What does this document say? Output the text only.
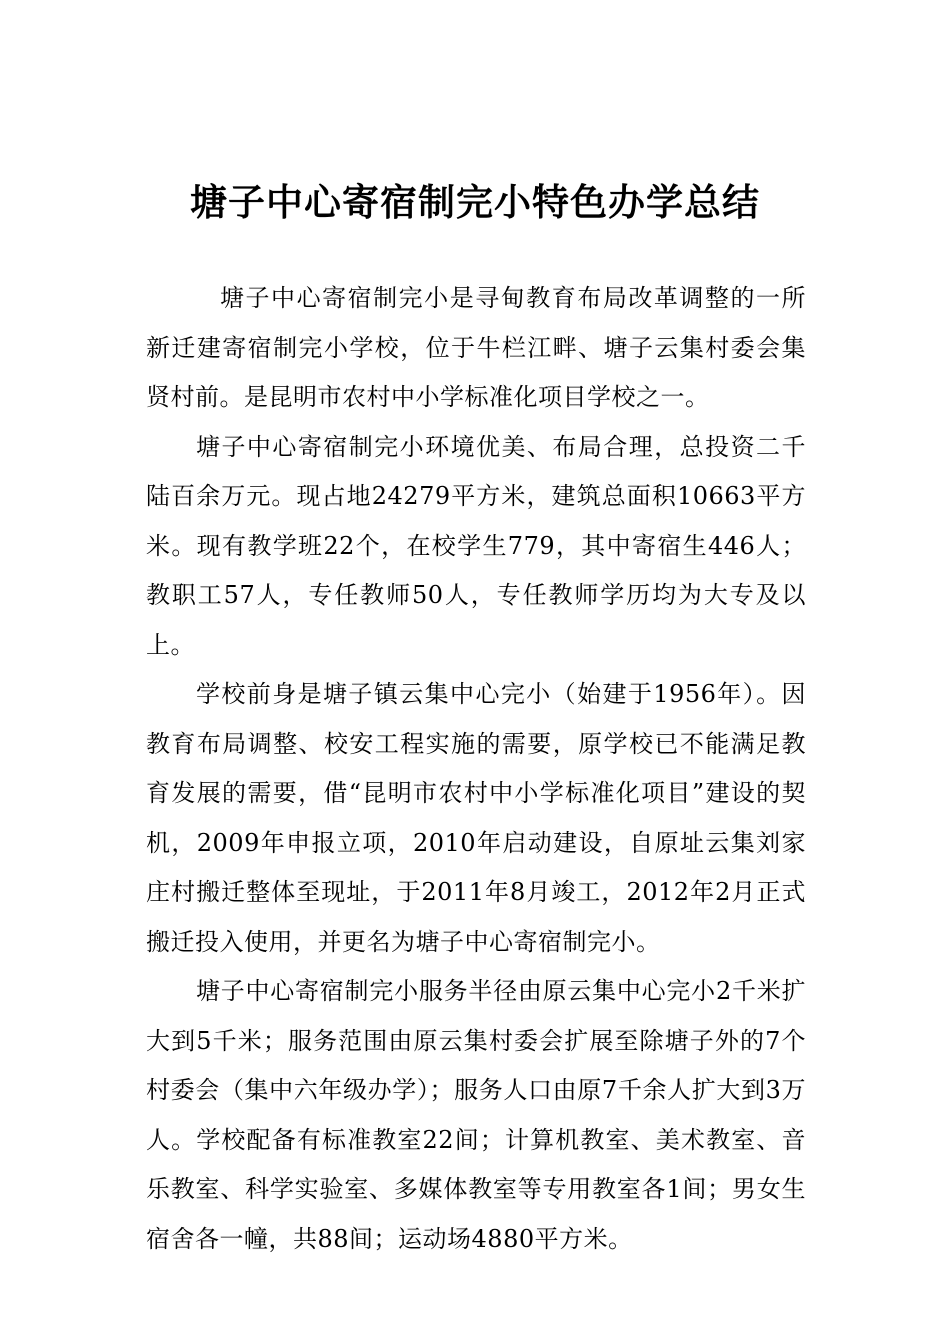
塘子中心寄宿制完小特色办学总结

塘子中心寄宿制完小是寻甸教育布局改革调整的一所新迁建寄宿制完小学校，位于牛栏江畔、塘子云集村委会集贤村前。是昆明市农村中小学标准化项目学校之一。

塘子中心寄宿制完小环境优美、布局合理，总投资二千陆百余万元。现占地24279平方米，建筑总面积10663平方米。现有教学班22个，在校学生779，其中寄宿生446人；教职工57人，专任教师50人，专任教师学历均为大专及以上。

学校前身是塘子镇云集中心完小（始建于1956年）。因教育布局调整、校安工程实施的需要，原学校已不能满足教育发展的需要，借“昆明市农村中小学标准化项目”建设的契机，2009年申报立项，2010年启动建设，自原址云集刘家庄村搬迁整体至现址，于2011年8月竣工，2012年2月正式搬迁投入使用，并更名为塘子中心寄宿制完小。

塘子中心寄宿制完小服务半径由原云集中心完小2千米扩大到5千米；服务范围由原云集村委会扩展至除塘子外的7个村委会（集中六年级办学）；服务人口由原7千余人扩大到3万人。学校配备有标准教室22间；计算机教室、美术教室、音乐教室、科学实验室、多媒体教室等专用教室各1间；男女生宿舍各一幢，共88间；运动场4880平方米。
